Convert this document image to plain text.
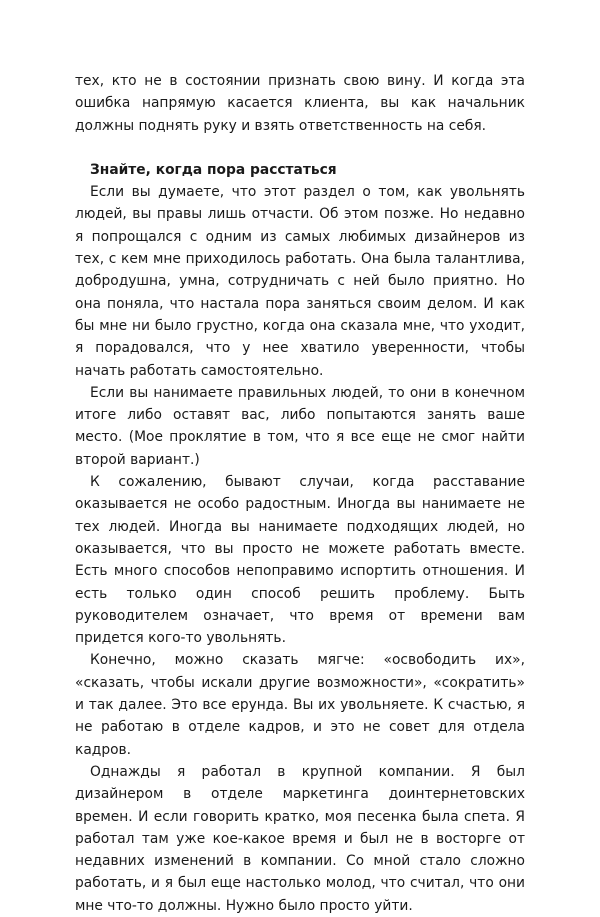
тех, кто не в состоянии признать свою вину. И когда эта ошибка напрямую касается клиента, вы как начальник должны поднять руку и взять ответственность на себя.

Знайте, когда пора расстаться

Если вы думаете, что этот раздел о том, как увольнять людей, вы правы лишь отчасти. Об этом позже. Но недавно я попрощался с одним из самых любимых дизайнеров из тех, с кем мне приходилось работать. Она была талантлива, добродушна, умна, сотрудничать с ней было приятно. Но она поняла, что настала пора заняться своим делом. И как бы мне ни было грустно, когда она сказала мне, что уходит, я порадовался, что у нее хватило уверенности, чтобы начать работать самостоятельно.

Если вы нанимаете правильных людей, то они в конечном итоге либо оставят вас, либо попытаются занять ваше место. (Мое проклятие в том, что я все еще не смог найти второй вариант.)

К сожалению, бывают случаи, когда расставание оказывается не особо радостным. Иногда вы нанимаете не тех людей. Иногда вы нанимаете подходящих людей, но оказывается, что вы просто не можете работать вместе. Есть много способов непоправимо испортить отношения. И есть только один способ решить проблему. Быть руководителем означает, что время от времени вам придется кого-то увольнять.

Конечно, можно сказать мягче: «освободить их», «сказать, чтобы искали другие возможности», «сократить» и так далее. Это все ерунда. Вы их увольняете. К счастью, я не работаю в отделе кадров, и это не совет для отдела кадров.

Однажды я работал в крупной компании. Я был дизайнером в отделе маркетинга доинтернетовских времен. И если говорить кратко, моя песенка была спета. Я работал там уже кое-какое время и был не в восторге от недавних изменений в компании. Со мной стало сложно работать, и я был еще настолько молод, что считал, что они мне что-то должны. Нужно было просто уйти.
